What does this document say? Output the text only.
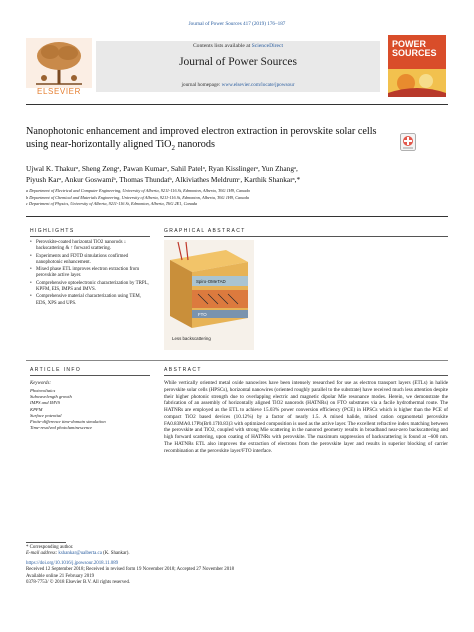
Journal of Power Sources 417 (2019) 176–187
ELSEVIER
Contents lists available at ScienceDirect
Journal of Power Sources
journal homepage: www.elsevier.com/locate/jpowsour
POWER
SOURCES
Nanophotonic enhancement and improved electron extraction in perovskite solar cells using near-horizontally aligned TiO$_2$ nanorods
Ujwal K. Thakurᵃ, Sheng Zengᵃ, Pawan Kumarᵃ, Sahil Patelᵃ, Ryan Kisslingerᵃ, Yun Zhangᵃ,
Piyush Karᵃ, Ankur Goswamiᵇ, Thomas Thundatᵇ, Alkiviathes Meldrumᶜ, Karthik Shankarᵃ,*
a Department of Electrical and Computer Engineering, University of Alberta, 9211-116 St, Edmonton, Alberta, T6G 1H9, Canada
b Department of Chemical and Materials Engineering, University of Alberta, 9211-116 St, Edmonton, Alberta, T6G 1H9, Canada
c Department of Physics, University of Alberta, 9211-116 St, Edmonton, Alberta, T6G 2E1, Canada
HIGHLIGHTS	GRAPHICAL ABSTRACT
• Perovskite-coated horizontal TiO2 nanorods ↓ backscattering & ↑ forward scattering.
• Experiments and FDTD simulations confirmed nanophotonic enhancement.
• Mixed phase ETL improves electron extraction from perovskite active layer.
• Comprehensive optoelectronic characterization by TRPL, KPFM, EIS, IMPS and IMVS.
• Comprehensive material characterization using TEM, EDS, XPS and UPS.
Spiro-OMeTAD
FTO
Less backscattering
ARTICLE INFO	ABSTRACT
Keywords:
Photovoltaics
Subwavelength growth
IMPS and IMVS
KPFM
Surface potential
Finite-difference time-domain simulation
Time-resolved photoluminescence
While vertically oriented metal oxide nanowires have been intensely researched for use as electron transport layers (ETLs) in halide perovskite solar cells (HPSCs), horizontal nanowires (oriented roughly parallel to the substrate) have received much less attention despite their higher photonic strength due to overlapping electric and magnetic dipolar Mie resonance modes. Herein, we demonstrate the fabrication of an assembly of horizontally aligned TiO2 nanorods (HATNRs) on FTO substrates via a facile hydrothermal route. The HATNRs are employed as the ETL to achieve 15.03% power conversion efficiency (PCE) in HPSCs which is higher than the PCE of compact TiO2 based devices (10.12%) by a factor of nearly 1.5. A mixed halide, mixed cation organometal perovskite FA0.83MA0.17Pb(Br0.17I0.83)3 with optimized composition is used as the active layer. The excellent refractive index matching between the perovskite and TiO2, coupled with strong Mie scattering in the nanorod geometry results in broadband near-zero backscattering and high forward scattering, upon coating of HATNRs with perovskite. The maximum suppression of backscattering is found at ~600 nm. The HATNRs ETL also improves the extraction of electrons from the perovskite layer and results in superior blocking of carrier recombination at the perovskite layer/FTO interface.
* Corresponding author.
E-mail address: kshankar@ualberta.ca (K. Shankar).
https://doi.org/10.1016/j.jpowsour.2018.11.089
Received 12 September 2018; Received in revised form 19 November 2018; Accepted 27 November 2018
Available online 21 February 2019
0378-7753/ © 2018 Elsevier B.V. All rights reserved.
